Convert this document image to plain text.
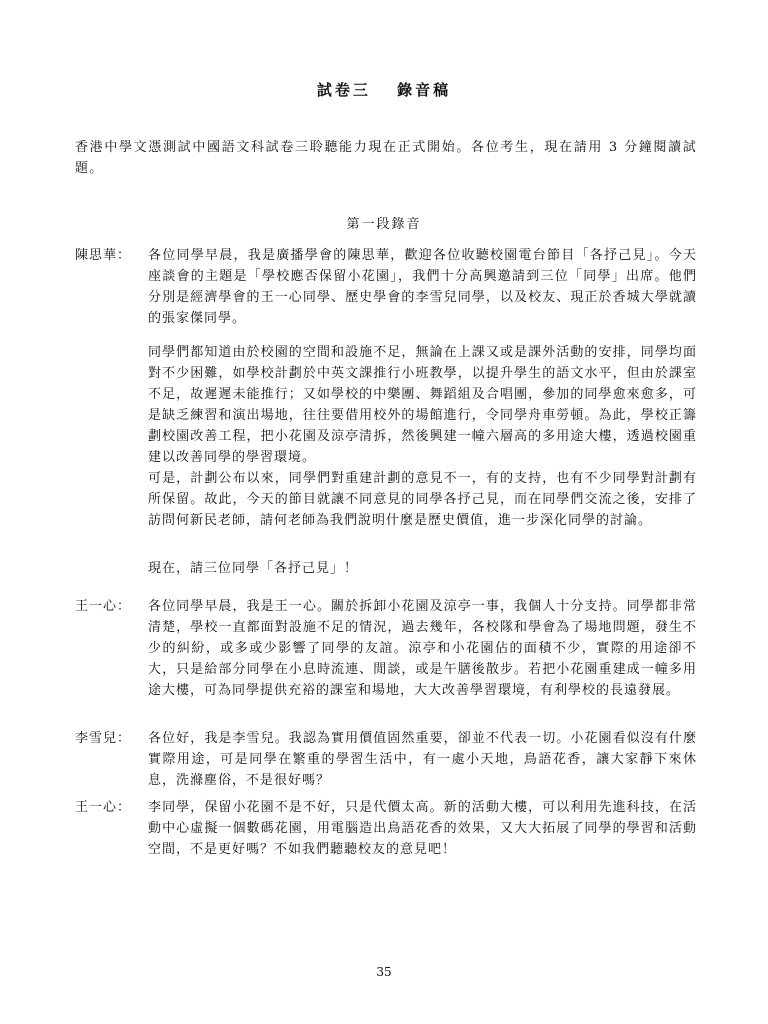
試卷三　 錄音稿
香港中學文憑測試中國語文科試卷三聆聽能力現在正式開始。各位考生，現在請用 3 分鐘閱讀試題。
第一段錄音
陳思華：	各位同學早晨，我是廣播學會的陳思華，歡迎各位收聽校園電台節目「各抒己見」。今天座談會的主題是「學校應否保留小花園」，我們十分高興邀請到三位「同學」出席。他們分別是經濟學會的王一心同學、歷史學會的李雪兒同學，以及校友、現正於香城大學就讀的張家傑同學。
同學們都知道由於校園的空間和設施不足，無論在上課又或是課外活動的安排，同學均面對不少困難，如學校計劃於中英文課推行小班教學，以提升學生的語文水平，但由於課室不足，故遲遲未能推行；又如學校的中樂團、舞蹈組及合唱團，參加的同學愈來愈多，可是缺乏練習和演出場地，往往要借用校外的場館進行，令同學舟車勞頓。為此，學校正籌劃校園改善工程，把小花園及涼亭清拆，然後興建一幢六層高的多用途大樓，透過校園重建以改善同學的學習環境。
可是，計劃公布以來，同學們對重建計劃的意見不一，有的支持，也有不少同學對計劃有所保留。故此，今天的節目就讓不同意見的同學各抒己見，而在同學們交流之後，安排了訪問何新民老師，請何老師為我們說明什麼是歷史價值，進一步深化同學的討論。
現在，請三位同學「各抒己見」！
王一心：	各位同學早晨，我是王一心。關於拆卸小花園及涼亭一事，我個人十分支持。同學都非常清楚，學校一直都面對設施不足的情況，過去幾年，各校隊和學會為了場地問題，發生不少的糾紛，或多或少影響了同學的友誼。涼亭和小花園佔的面積不少，實際的用途卻不大，只是給部分同學在小息時流連、閒談，或是午膳後散步。若把小花園重建成一幢多用途大樓，可為同學提供充裕的課室和場地，大大改善學習環境，有利學校的長遠發展。
李雪兒：	各位好，我是李雪兒。我認為實用價值固然重要，卻並不代表一切。小花園看似沒有什麼實際用途，可是同學在繁重的學習生活中，有一處小天地，鳥語花香，讓大家靜下來休息，洗滌塵俗，不是很好嗎？
王一心：	李同學，保留小花園不是不好，只是代價太高。新的活動大樓，可以利用先進科技，在活動中心虛擬一個數碼花園，用電腦造出鳥語花香的效果，又大大拓展了同學的學習和活動空間，不是更好嗎？不如我們聽聽校友的意見吧！
35
